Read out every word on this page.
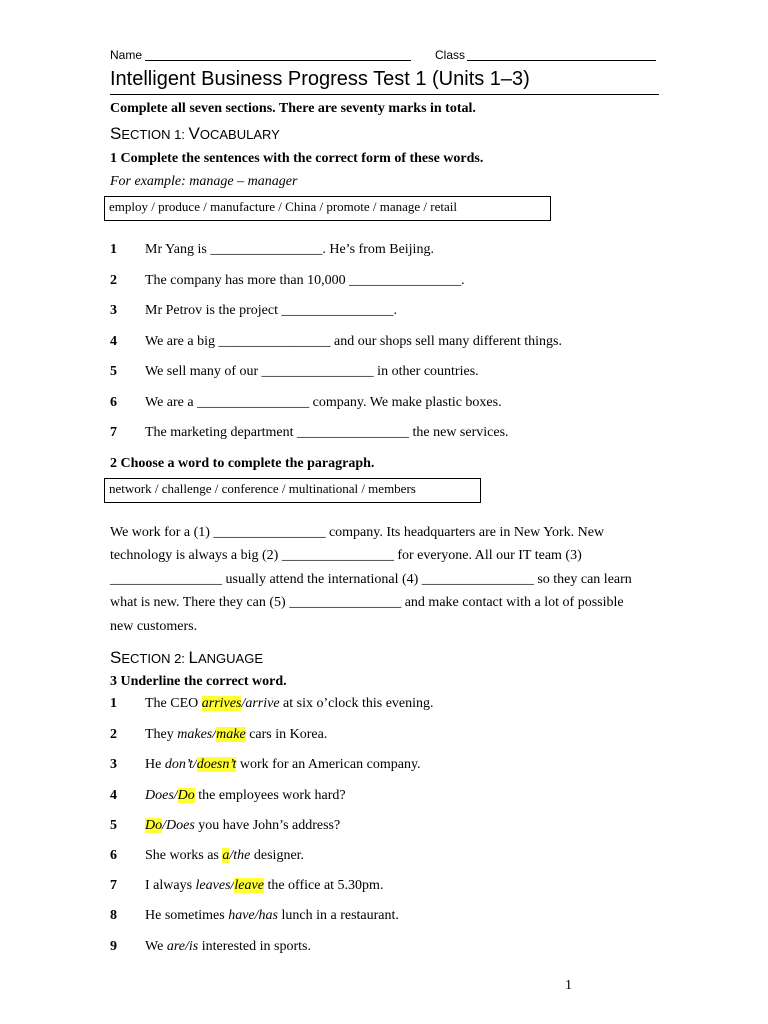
Name	Class
Intelligent Business Progress Test 1 (Units 1–3)
Complete all seven sections. There are seventy marks in total.
SECTION 1: VOCABULARY
1 Complete the sentences with the correct form of these words.
For example: manage – manager
employ / produce / manufacture / China / promote / manage / retail
1 Mr Yang is ________________. He’s from Beijing.
2 The company has more than 10,000 ________________.
3 Mr Petrov is the project ________________.
4 We are a big ________________ and our shops sell many different things.
5 We sell many of our ________________ in other countries.
6 We are a ________________ company. We make plastic boxes.
7 The marketing department ________________ the new services.
2 Choose a word to complete the paragraph.
network / challenge / conference / multinational / members
We work for a (1) ________________ company. Its headquarters are in New York. New technology is always a big (2) ________________ for everyone. All our IT team (3) ________________ usually attend the international (4) ________________ so they can learn what is new. There they can (5) ________________ and make contact with a lot of possible new customers.
SECTION 2: LANGUAGE
3 Underline the correct word.
1 The CEO arrives/arrive at six o’clock this evening.
2 They makes/make cars in Korea.
3 He don’t/doesn’t work for an American company.
4 Does/Do the employees work hard?
5 Do/Does you have John’s address?
6 She works as a/the designer.
7 I always leaves/leave the office at 5.30pm.
8 He sometimes have/has lunch in a restaurant.
9 We are/is interested in sports.
1
